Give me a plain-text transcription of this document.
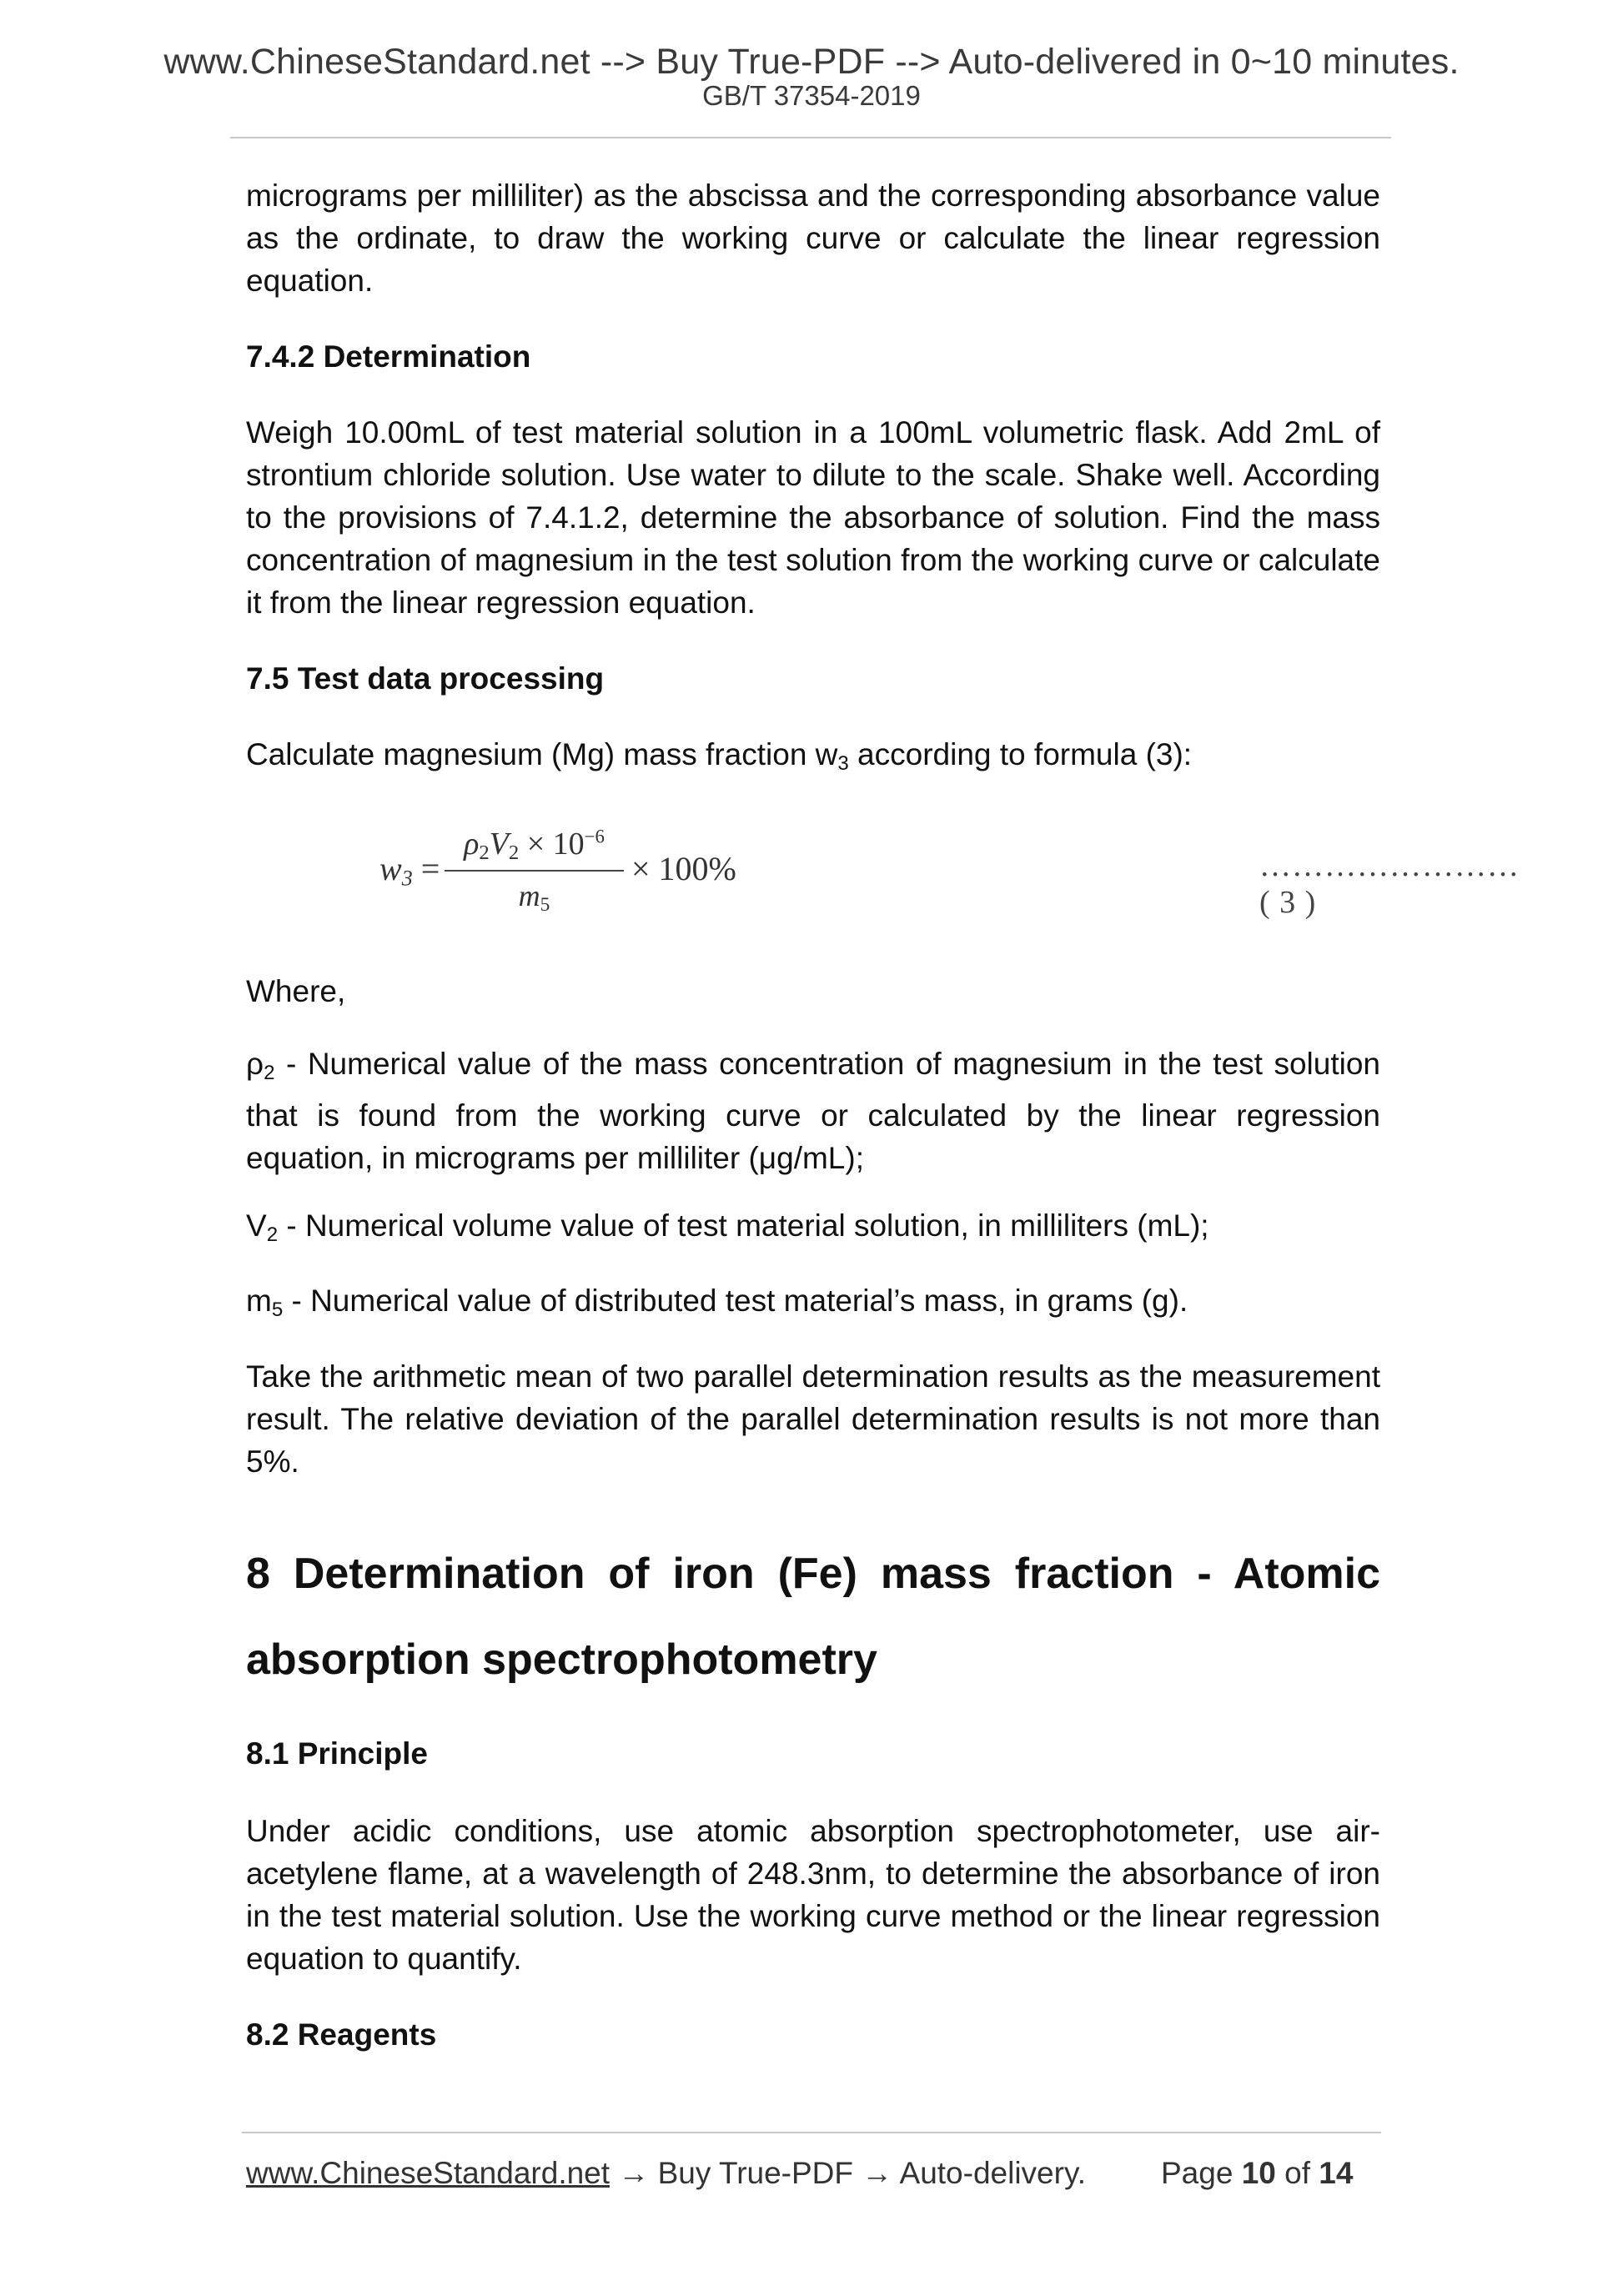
www.ChineseStandard.net --> Buy True-PDF --> Auto-delivered in 0~10 minutes.
GB/T 37354-2019
micrograms per milliliter) as the abscissa and the corresponding absorbance value as the ordinate, to draw the working curve or calculate the linear regression equation.
7.4.2 Determination
Weigh 10.00mL of test material solution in a 100mL volumetric flask. Add 2mL of strontium chloride solution. Use water to dilute to the scale. Shake well. According to the provisions of 7.4.1.2, determine the absorbance of solution. Find the mass concentration of magnesium in the test solution from the working curve or calculate it from the linear regression equation.
7.5 Test data processing
Calculate magnesium (Mg) mass fraction $w_3$ according to formula (3):
$w_3$ =
$\rho_2V_2 \times 10^{-6}$
$m_5$
× 100%	……………………( 3 )
Where,
$\rho_2$ - Numerical value of the mass concentration of magnesium in the test solution that is found from the working curve or calculated by the linear regression equation, in micrograms per milliliter (μg/mL);
$V_2$ - Numerical volume value of test material solution, in milliliters (mL);
$m_5$ - Numerical value of distributed test material’s mass, in grams (g).
Take the arithmetic mean of two parallel determination results as the measurement result. The relative deviation of the parallel determination results is not more than 5%.
8 Determination of iron (Fe) mass fraction - Atomic absorption spectrophotometry
8.1 Principle
Under acidic conditions, use atomic absorption spectrophotometer, use air-acetylene flame, at a wavelength of 248.3nm, to determine the absorbance of iron in the test material solution. Use the working curve method or the linear regression equation to quantify.
8.2 Reagents
www.ChineseStandard.net → Buy True-PDF → Auto-delivery. Page 10 of 14
